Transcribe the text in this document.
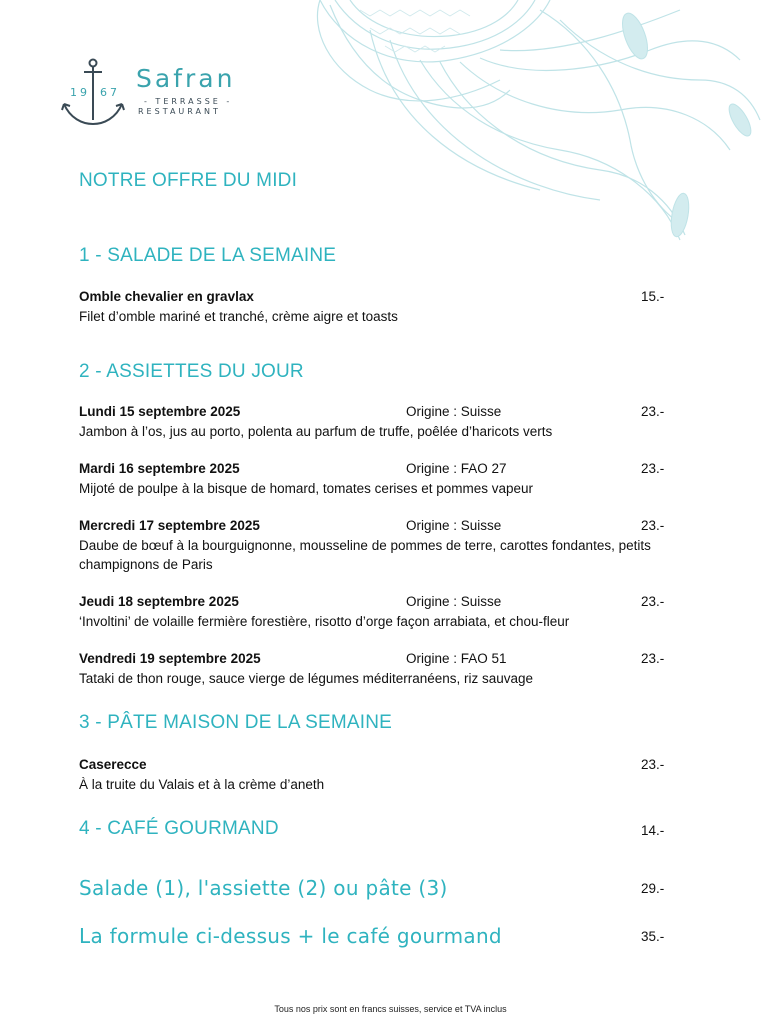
19 67 Safran
- TERRASSE -
RESTAURANT
NOTRE OFFRE DU MIDI
1 - SALADE DE LA SEMAINE
Omble chevalier en gravlax	15.-
Filet d’omble mariné et tranché, crème aigre et toasts
2 - ASSIETTES DU JOUR
Lundi 15 septembre 2025	Origine : Suisse	23.-
Jambon à l’os, jus au porto, polenta au parfum de truffe, poêlée d’haricots verts
Mardi 16 septembre 2025	Origine : FAO 27	23.-
Mijoté de poulpe à la bisque de homard, tomates cerises et pommes vapeur
Mercredi 17 septembre 2025	Origine : Suisse	23.-
Daube de bœuf à la bourguignonne, mousseline de pommes de terre, carottes fondantes, petits champignons de Paris
Jeudi 18 septembre 2025	Origine : Suisse	23.-
‘Involtini’ de volaille fermière forestière, risotto d’orge façon arrabiata, et chou-fleur
Vendredi 19 septembre 2025	Origine : FAO 51	23.-
Tataki de thon rouge, sauce vierge de légumes méditerranéens, riz sauvage
3 - PÂTE MAISON DE LA SEMAINE
Caserecce	23.-
À la truite du Valais et à la crème d’aneth
4 - CAFÉ GOURMAND	14.-
Salade (1), l'assiette (2) ou pâte (3)	29.-
La formule ci-dessus + le café gourmand	35.-
Tous nos prix sont en francs suisses, service et TVA inclus
